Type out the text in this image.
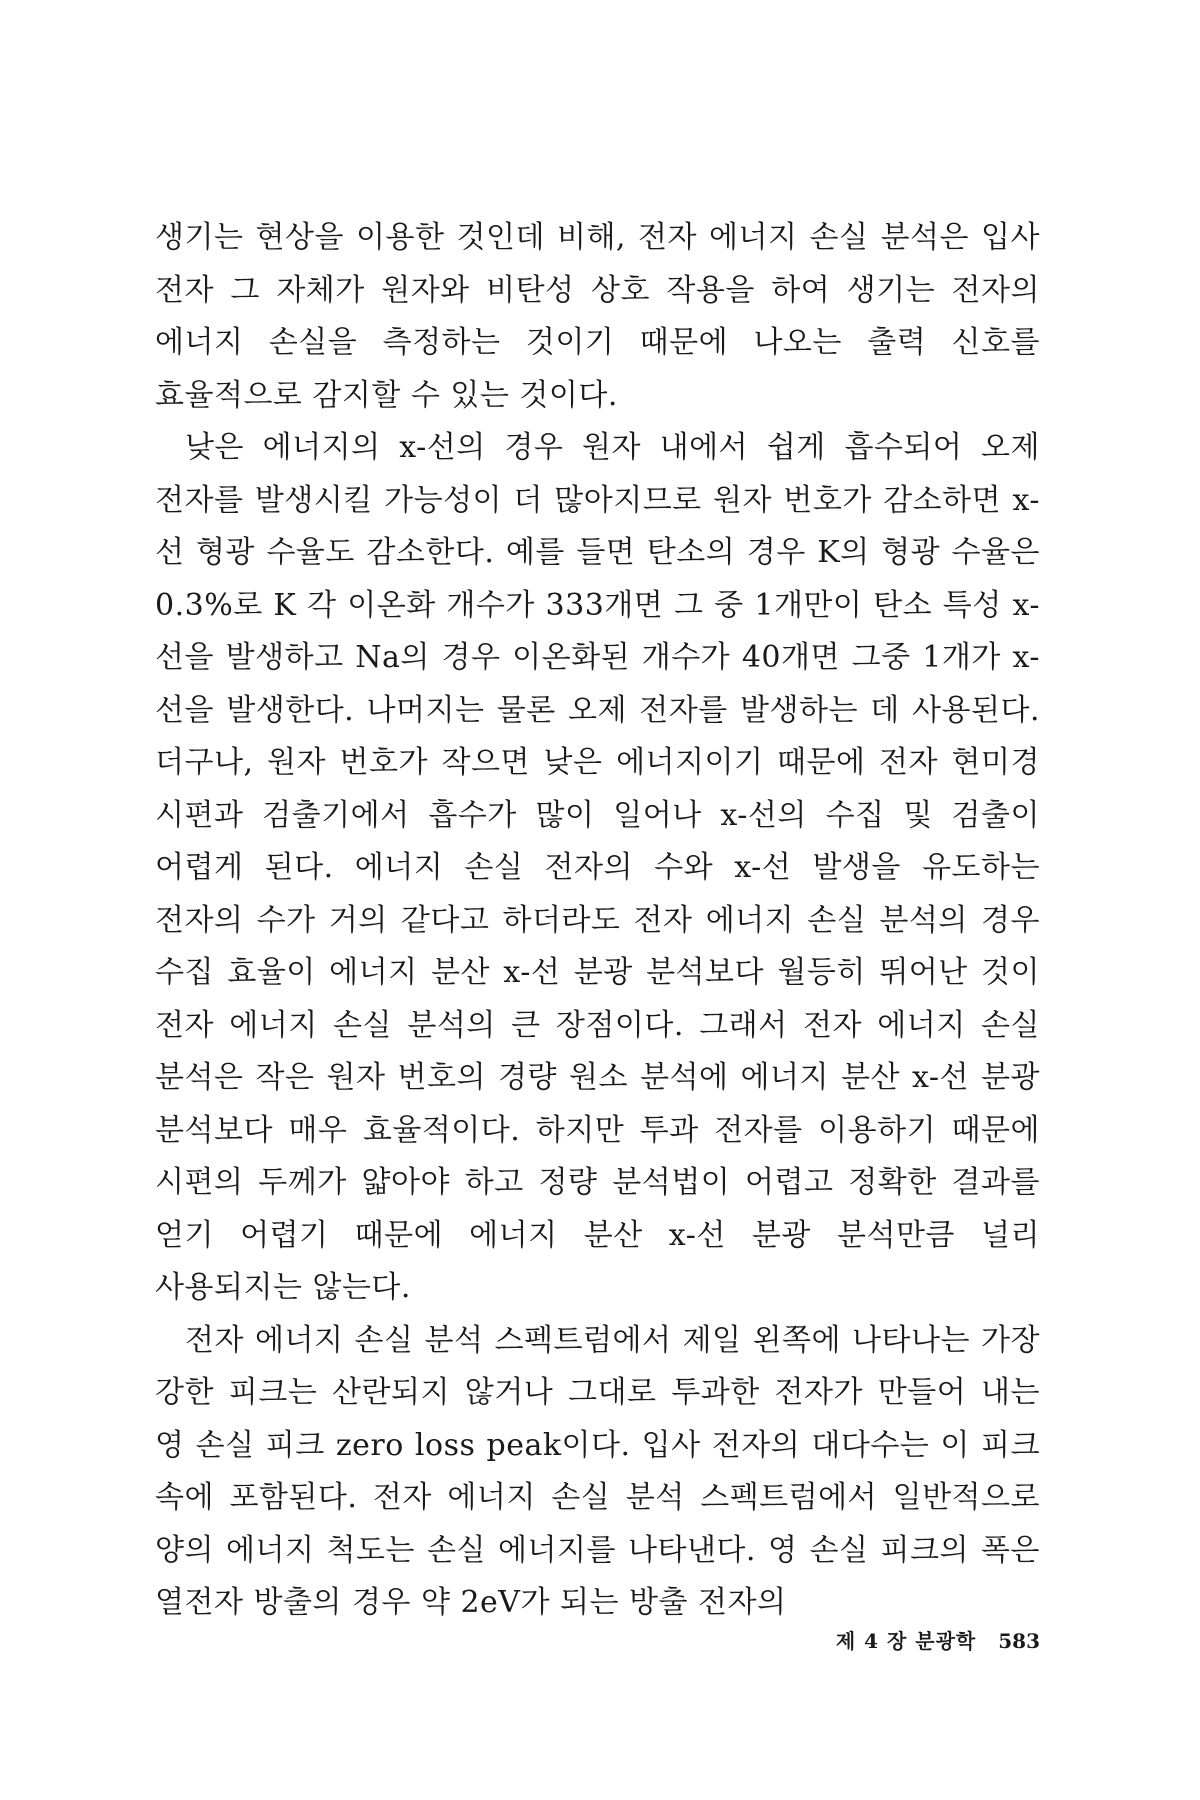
생기는 현상을 이용한 것인데 비해, 전자 에너지 손실 분석은 입사 전자 그 자체가 원자와 비탄성 상호 작용을 하여 생기는 전자의 에너지 손실을 측정하는 것이기 때문에 나오는 출력 신호를 효율적으로 감지할 수 있는 것이다.

낮은 에너지의 x-선의 경우 원자 내에서 쉽게 흡수되어 오제 전자를 발생시킬 가능성이 더 많아지므로 원자 번호가 감소하면 x-선 형광 수율도 감소한다. 예를 들면 탄소의 경우 K의 형광 수율은 0.3%로 K 각 이온화 개수가 333개면 그 중 1개만이 탄소 특성 x-선을 발생하고 Na의 경우 이온화된 개수가 40개면 그중 1개가 x-선을 발생한다. 나머지는 물론 오제 전자를 발생하는 데 사용된다. 더구나, 원자 번호가 작으면 낮은 에너지이기 때문에 전자 현미경 시편과 검출기에서 흡수가 많이 일어나 x-선의 수집 및 검출이 어렵게 된다. 에너지 손실 전자의 수와 x-선 발생을 유도하는 전자의 수가 거의 같다고 하더라도 전자 에너지 손실 분석의 경우 수집 효율이 에너지 분산 x-선 분광 분석보다 월등히 뛰어난 것이 전자 에너지 손실 분석의 큰 장점이다. 그래서 전자 에너지 손실 분석은 작은 원자 번호의 경량 원소 분석에 에너지 분산 x-선 분광 분석보다 매우 효율적이다. 하지만 투과 전자를 이용하기 때문에 시편의 두께가 얇아야 하고 정량 분석법이 어렵고 정확한 결과를 얻기 어렵기 때문에 에너지 분산 x-선 분광 분석만큼 널리 사용되지는 않는다.

전자 에너지 손실 분석 스펙트럼에서 제일 왼쪽에 나타나는 가장 강한 피크는 산란되지 않거나 그대로 투과한 전자가 만들어 내는 영 손실 피크 zero loss peak이다. 입사 전자의 대다수는 이 피크 속에 포함된다. 전자 에너지 손실 분석 스펙트럼에서 일반적으로 양의 에너지 척도는 손실 에너지를 나타낸다. 영 손실 피크의 폭은 열전자 방출의 경우 약 2eV가 되는 방출 전자의

제 4 장 분광학 583
